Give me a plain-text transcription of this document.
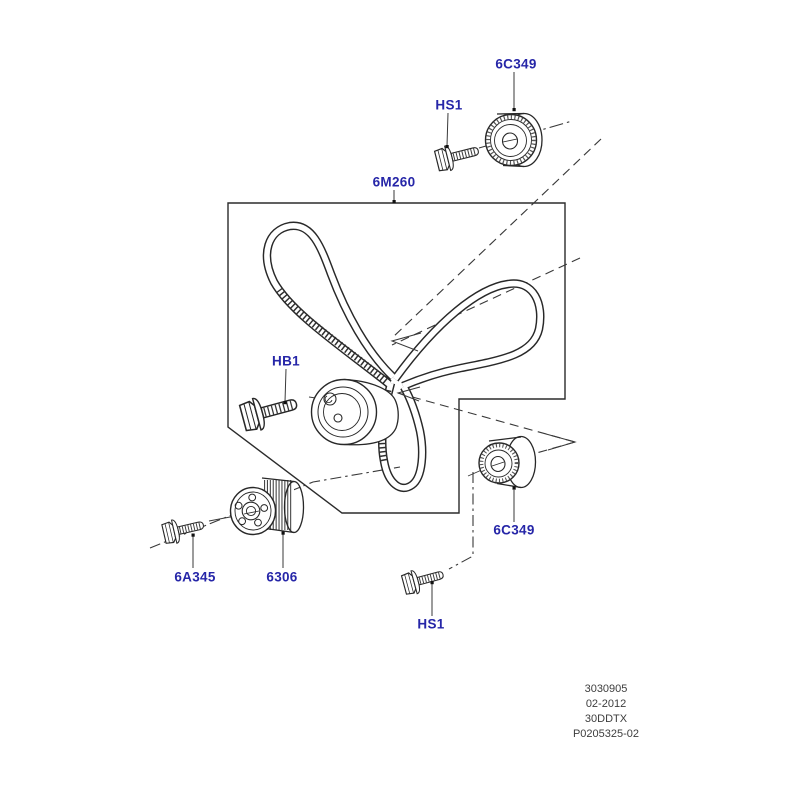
6C349
HS1
6M260
HB1
6C349
6A345	6306
HS1
3030905
02-2012
30DDTX
P0205325-02
